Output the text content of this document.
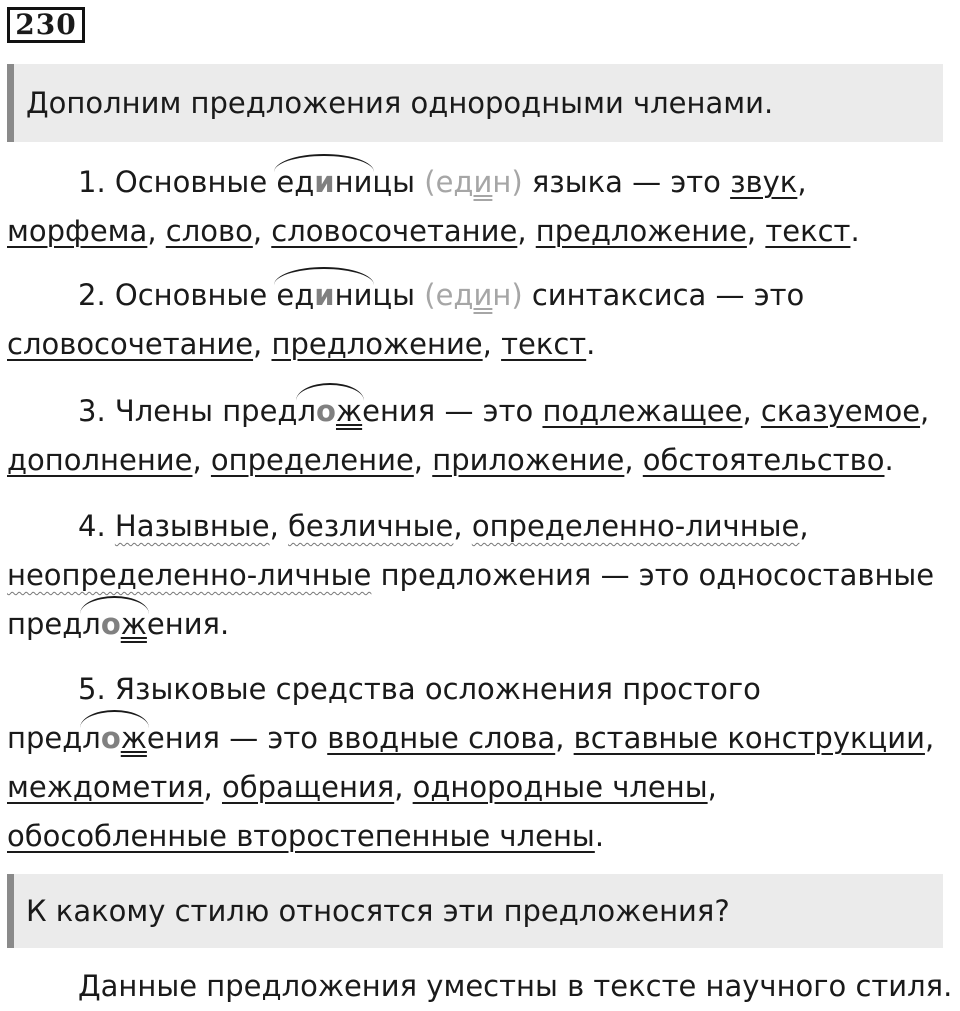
230
Дополним предложения однородными членами.
1. Основные
единицы (един) языка — это звук,
морфема, слово, словосочетание, предложение, текст.
2. Основные
единицы (един) синтаксиса — это
словосочетание, предложение, текст.
3. Члены пред
ложения — это подлежащее, сказуемое,
дополнение, определение, приложение, обстоятельство.
4. Назывные, безличные, определенно-личные,
неопределенно-личные предложения — это односоставные
пред
ложения.
5. Языковые средства осложнения простого
пред
ложения — это вводные слова, вставные конструкции,
междометия, обращения, однородные члены,
обособленные второстепенные члены.
К какому стилю относятся эти предложения?
Данные предложения уместны в тексте научного стиля.
